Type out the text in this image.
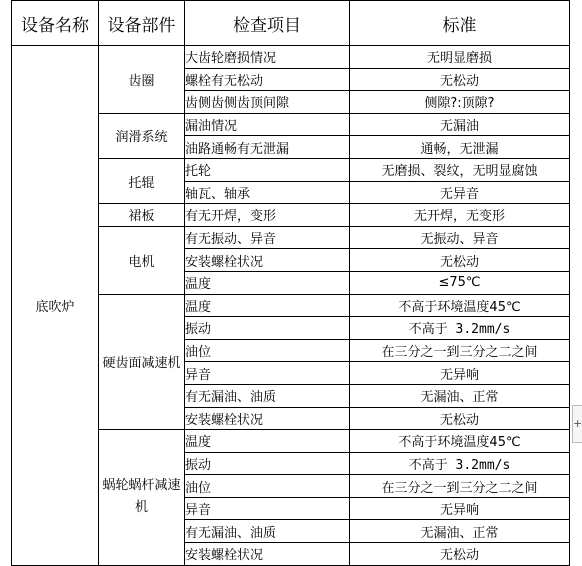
设备名称	设备部件	检查项目	标准
底吹炉	齿圈	大齿轮磨损情况	无明显磨损
		螺栓有无松动	无松动
		齿侧齿侧齿顶间隙	侧隙?:顶隙?
	润滑系统	漏油情况	无漏油
		油路通畅有无泄漏	通畅，无泄漏
	托辊	托轮	无磨损、裂纹，无明显腐蚀
		轴瓦、轴承	无异音
	裙板	有无开焊，变形	无开焊，无变形
	电机	有无振动、异音	无振动、异音
		安装螺栓状况	无松动
		温度	≤75℃
	硬齿面减速机	温度	不高于环境温度45℃
		振动	不高于 3.2mm/s
		油位	在三分之一到三分之二之间
		异音	无异响
		有无漏油、油质	无漏油、正常
		安装螺栓状况	无松动
	蜗轮蜗杆减速机	温度	不高于环境温度45℃
		振动	不高于 3.2mm/s
		油位	在三分之一到三分之二之间
		异音	无异响
		有无漏油、油质	无漏油、正常
		安装螺栓状况	无松动
+
